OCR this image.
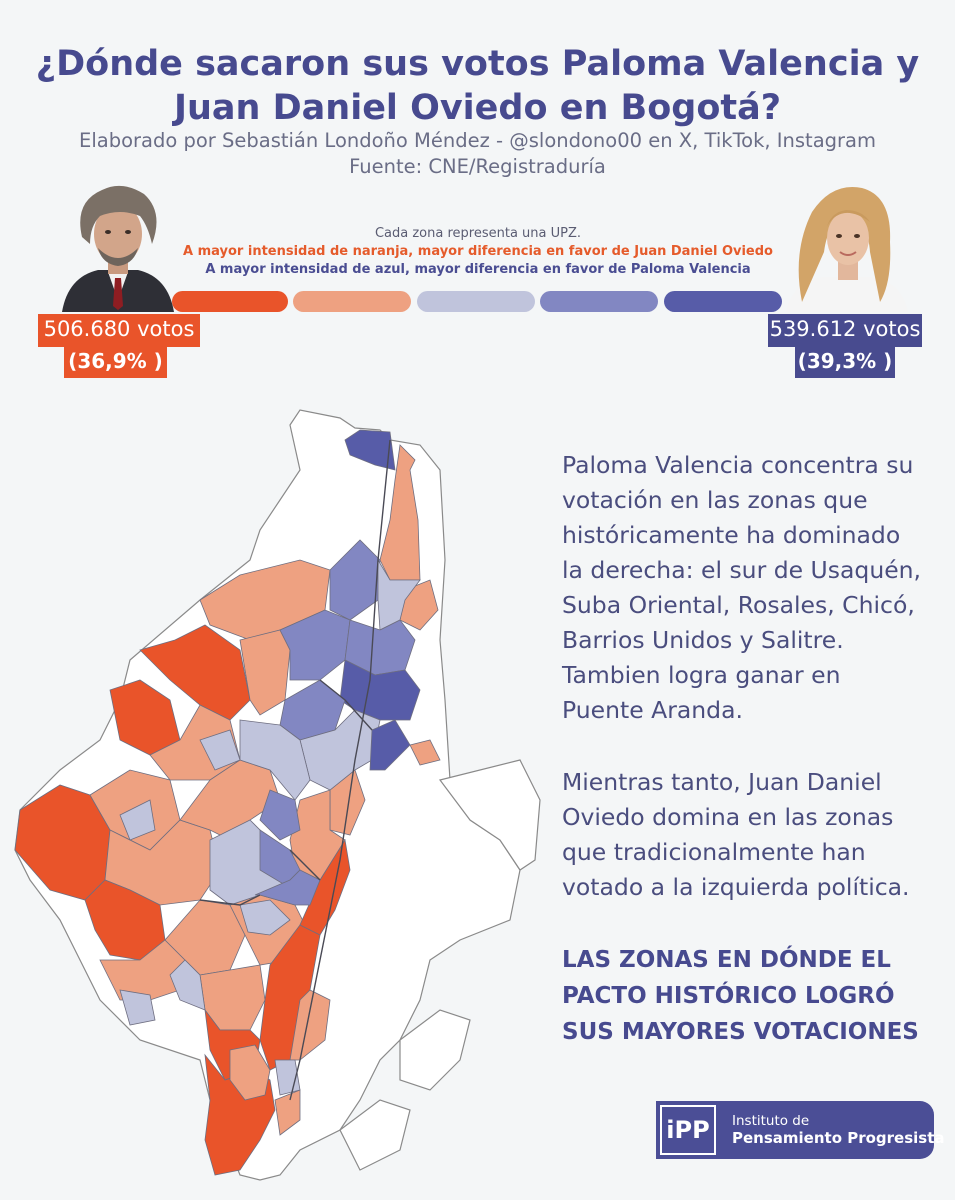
¿Dónde sacaron sus votos Paloma Valencia y
Juan Daniel Oviedo en Bogotá?
Elaborado por Sebastián Londoño Méndez - @slondono00 en X, TikTok, Instagram
Fuente: CNE/Registraduría
Cada zona representa una UPZ.
A mayor intensidad de naranja, mayor diferencia en favor de Juan Daniel Oviedo
A mayor intensidad de azul, mayor diferencia en favor de Paloma Valencia
506.680 votos
(36,9% )
539.612 votos
(39,3% )
Paloma Valencia concentra su
votación en las zonas que
históricamente ha dominado
la derecha: el sur de Usaquén,
Suba Oriental, Rosales, Chicó,
Barrios Unidos y Salitre.
Tambien logra ganar en
Puente Aranda.
Mientras tanto, Juan Daniel
Oviedo domina en las zonas
que tradicionalmente han
votado a la izquierda política.
LAS ZONAS EN DÓNDE EL
PACTO HISTÓRICO LOGRÓ
SUS MAYORES VOTACIONES
iPP	Instituto de
Pensamiento Progresista
